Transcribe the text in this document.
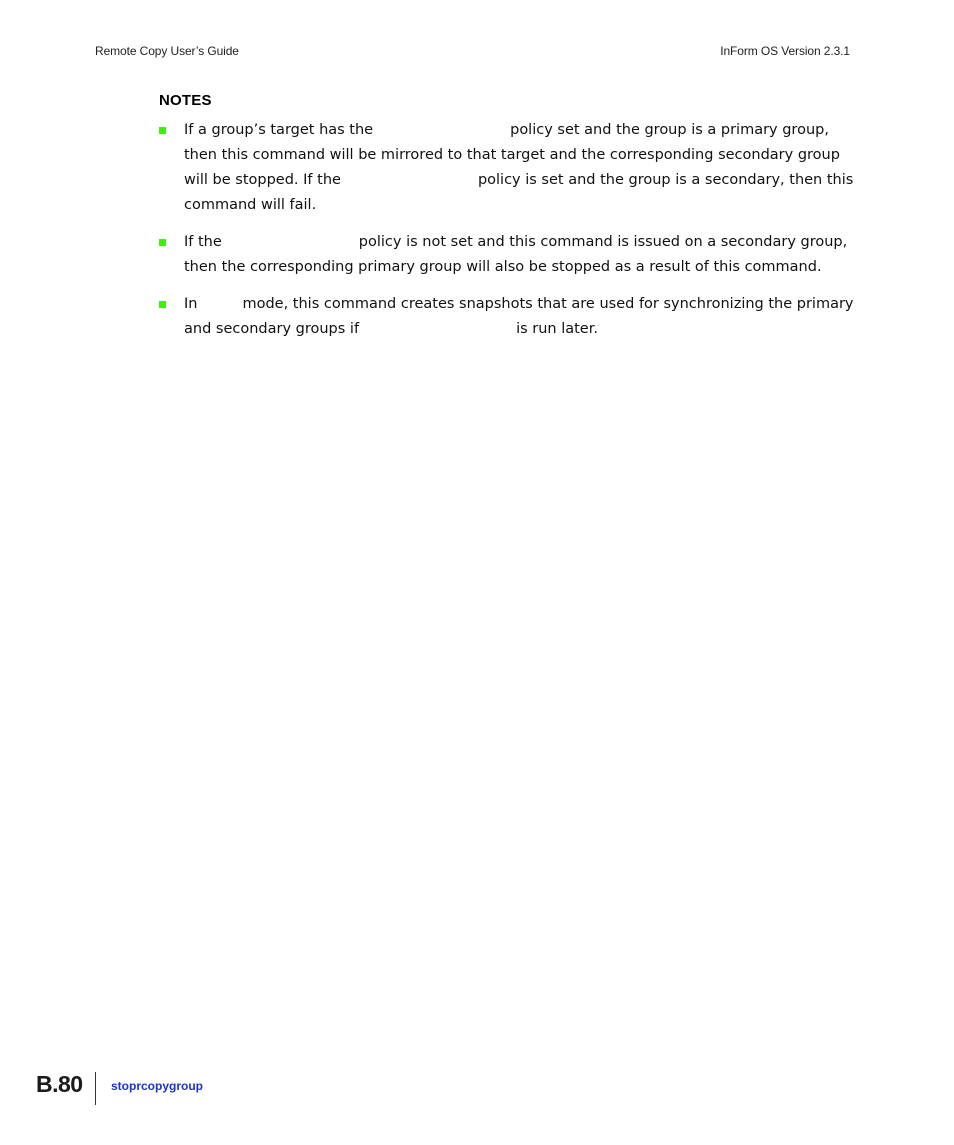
Remote Copy User’s Guide	InForm OS Version 2.3.1
NOTES
If a group’s target has the	policy set and the group is a primary group, then this command will be mirrored to that target and the corresponding secondary group will be stopped. If the	policy is set and the group is a secondary, then this command will fail.
If the	policy is not set and this command is issued on a secondary group, then the corresponding primary group will also be stopped as a result of this command.
In	mode, this command creates snapshots that are used for synchronizing the primary and secondary groups if	is run later.
B.80 stoprcopygroup
